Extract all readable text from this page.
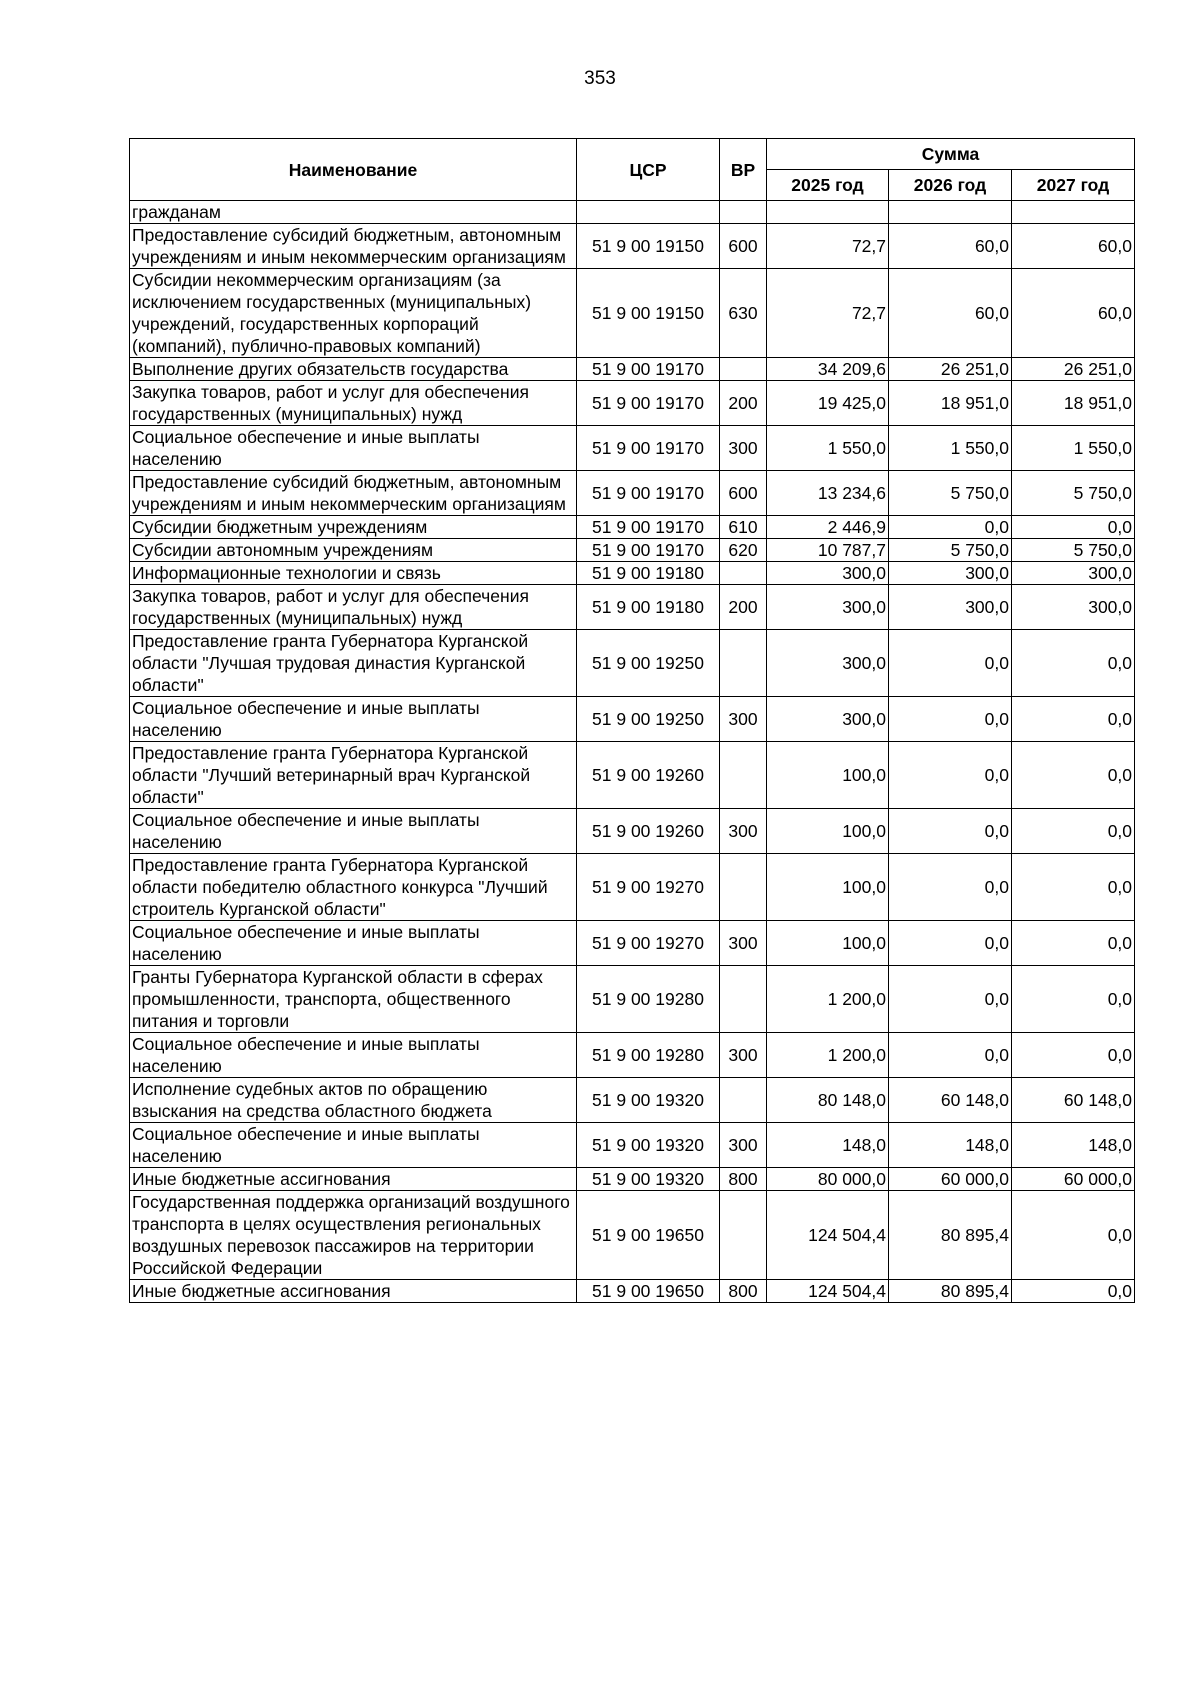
353
Наименование	ЦСР	ВР	Сумма		
			2025 год	2026 год	2027 год
гражданам					
Предоставление субсидий бюджетным, автономным учреждениям и иным некоммерческим организациям	51 9 00 19150	600	72,7	60,0	60,0
Субсидии некоммерческим организациям (за исключением государственных (муниципальных) учреждений, государственных корпораций (компаний), публично-правовых компаний)	51 9 00 19150	630	72,7	60,0	60,0
Выполнение других обязательств государства	51 9 00 19170		34 209,6	26 251,0	26 251,0
Закупка товаров, работ и услуг для обеспечения государственных (муниципальных) нужд	51 9 00 19170	200	19 425,0	18 951,0	18 951,0
Социальное обеспечение и иные выплаты населению	51 9 00 19170	300	1 550,0	1 550,0	1 550,0
Предоставление субсидий бюджетным, автономным учреждениям и иным некоммерческим организациям	51 9 00 19170	600	13 234,6	5 750,0	5 750,0
Субсидии бюджетным учреждениям	51 9 00 19170	610	2 446,9	0,0	0,0
Субсидии автономным учреждениям	51 9 00 19170	620	10 787,7	5 750,0	5 750,0
Информационные технологии и связь	51 9 00 19180		300,0	300,0	300,0
Закупка товаров, работ и услуг для обеспечения государственных (муниципальных) нужд	51 9 00 19180	200	300,0	300,0	300,0
Предоставление гранта Губернатора Курганской области "Лучшая трудовая династия Курганской области"	51 9 00 19250		300,0	0,0	0,0
Социальное обеспечение и иные выплаты населению	51 9 00 19250	300	300,0	0,0	0,0
Предоставление гранта Губернатора Курганской области "Лучший ветеринарный врач Курганской области"	51 9 00 19260		100,0	0,0	0,0
Социальное обеспечение и иные выплаты населению	51 9 00 19260	300	100,0	0,0	0,0
Предоставление гранта Губернатора Курганской области победителю областного конкурса "Лучший строитель Курганской области"	51 9 00 19270		100,0	0,0	0,0
Социальное обеспечение и иные выплаты населению	51 9 00 19270	300	100,0	0,0	0,0
Гранты Губернатора Курганской области в сферах промышленности, транспорта, общественного питания и торговли	51 9 00 19280		1 200,0	0,0	0,0
Социальное обеспечение и иные выплаты населению	51 9 00 19280	300	1 200,0	0,0	0,0
Исполнение судебных актов по обращению взыскания на средства областного бюджета	51 9 00 19320		80 148,0	60 148,0	60 148,0
Социальное обеспечение и иные выплаты населению	51 9 00 19320	300	148,0	148,0	148,0
Иные бюджетные ассигнования	51 9 00 19320	800	80 000,0	60 000,0	60 000,0
Государственная поддержка организаций воздушного транспорта в целях осуществления региональных воздушных перевозок пассажиров на территории Российской Федерации	51 9 00 19650		124 504,4	80 895,4	0,0
Иные бюджетные ассигнования	51 9 00 19650	800	124 504,4	80 895,4	0,0
